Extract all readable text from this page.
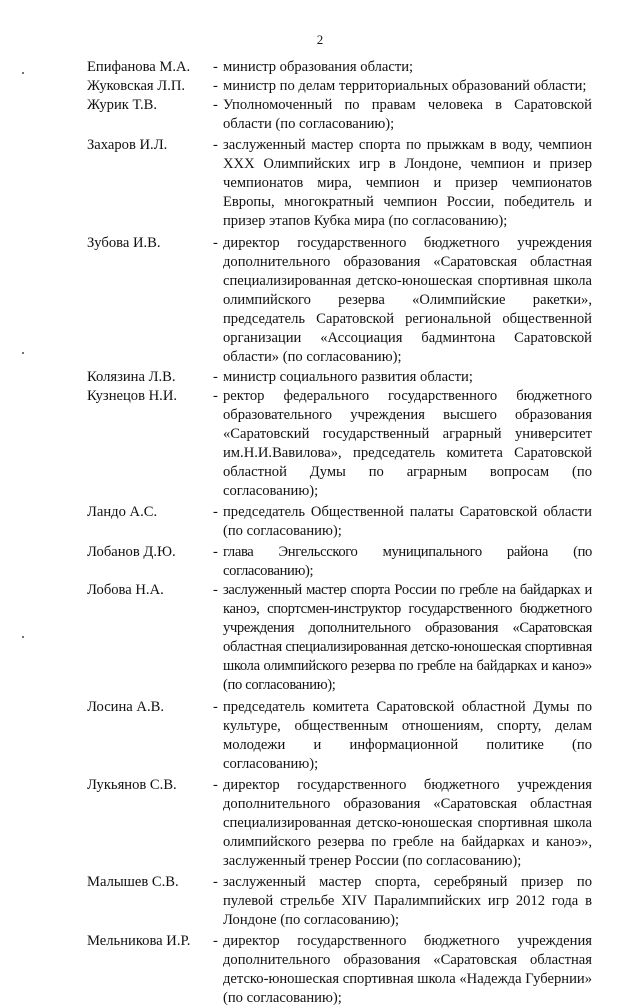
2
Епифанова М.А.	- министр образования области;
Жуковская Л.П.	- министр по делам территориальных образований области;
Журик Т.В.	- Уполномоченный по правам человека в Саратовской области (по согласованию);
Захаров И.Л.	- заслуженный мастер спорта по прыжкам в воду, чемпион XXX Олимпийских игр в Лондоне, чемпион и призер чемпионатов мира, чемпион и призер чемпионатов Европы, многократный чемпион России, победитель и призер этапов Кубка мира (по согласованию);
Зубова И.В.	- директор государственного бюджетного учреждения дополнительного образования «Саратовская областная специализированная детско-юношеская спортивная школа олимпийского резерва «Олимпийские ракетки», председатель Саратовской региональной общественной организации «Ассоциация бадминтона Саратовской области» (по согласованию);
Колязина Л.В.	- министр социального развития области;
Кузнецов Н.И.	- ректор федерального государственного бюджетного образовательного учреждения высшего образования «Саратовский государственный аграрный университет им.Н.И.Вавилова», председатель комитета Саратовской областной Думы по аграрным вопросам (по согласованию);
Ландо А.С.	- председатель Общественной палаты Саратовской области (по согласованию);
Лобанов Д.Ю.	- глава Энгельсского муниципального района (по согласованию);
Лобова Н.А.	- заслуженный мастер спорта России по гребле на байдарках и каноэ, спортсмен-инструктор государственного бюджетного учреждения дополнительного образования «Саратовская областная специализированная детско-юношеская спортивная школа олимпийского резерва по гребле на байдарках и каноэ» (по согласованию);
Лосина А.В.	- председатель комитета Саратовской областной Думы по культуре, общественным отношениям, спорту, делам молодежи и информационной политике (по согласованию);
Лукьянов С.В.	- директор государственного бюджетного учреждения дополнительного образования «Саратовская областная специализированная детско-юношеская спортивная школа олимпийского резерва по гребле на байдарках и каноэ», заслуженный тренер России (по согласованию);
Малышев С.В.	- заслуженный мастер спорта, серебряный призер по пулевой стрельбе XIV Паралимпийских игр 2012 года в Лондоне (по согласованию);
Мельникова И.Р.	- директор государственного бюджетного учреждения дополнительного образования «Саратовская областная детско-юношеская спортивная школа «Надежда Губернии» (по согласованию);
